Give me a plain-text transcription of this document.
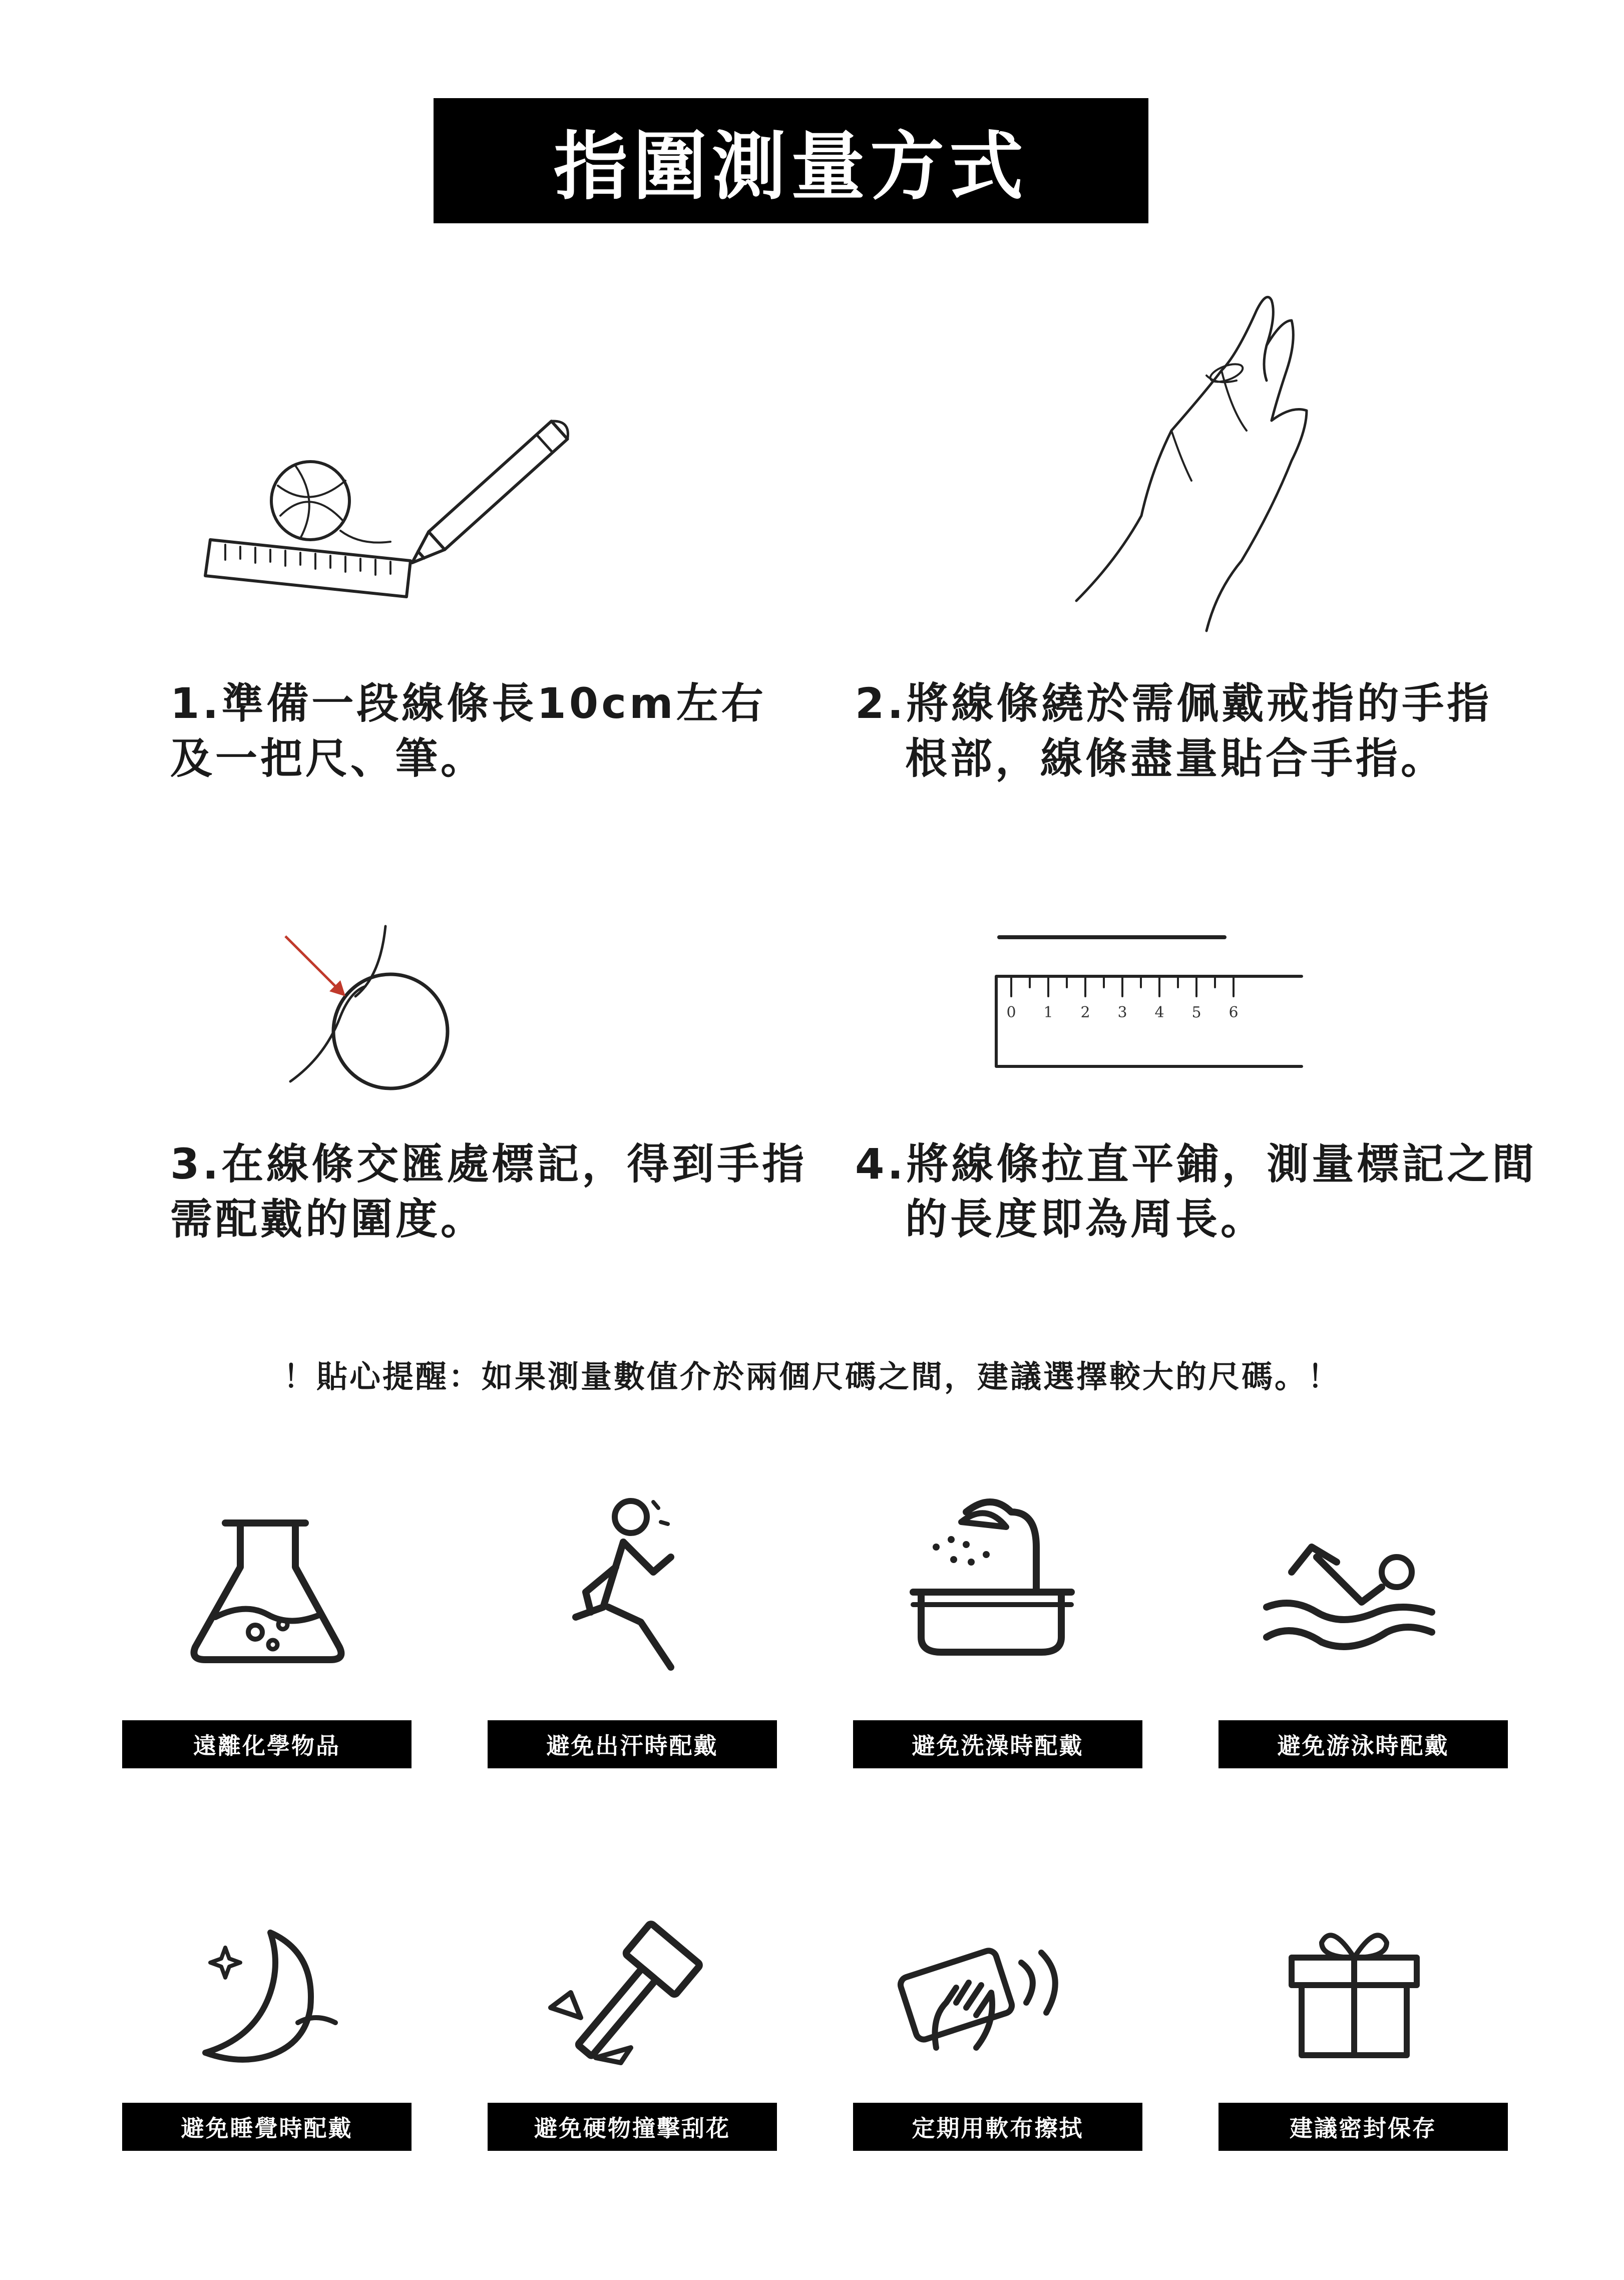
指圍測量方式
1.準備一段線條長10cm左右
及一把尺、筆。
2.將線條繞於需佩戴戒指的手指
根部，線條盡量貼合手指。
0 1 2 3 4 5 6
3.在線條交匯處標記，得到手指
需配戴的圍度。
4.將線條拉直平鋪，測量標記之間
的長度即為周長。
！貼心提醒：如果測量數值介於兩個尺碼之間，建議選擇較大的尺碼。！
遠離化學物品	避免出汗時配戴	避免洗澡時配戴	避免游泳時配戴
避免睡覺時配戴	避免硬物撞擊刮花	定期用軟布擦拭	建議密封保存
